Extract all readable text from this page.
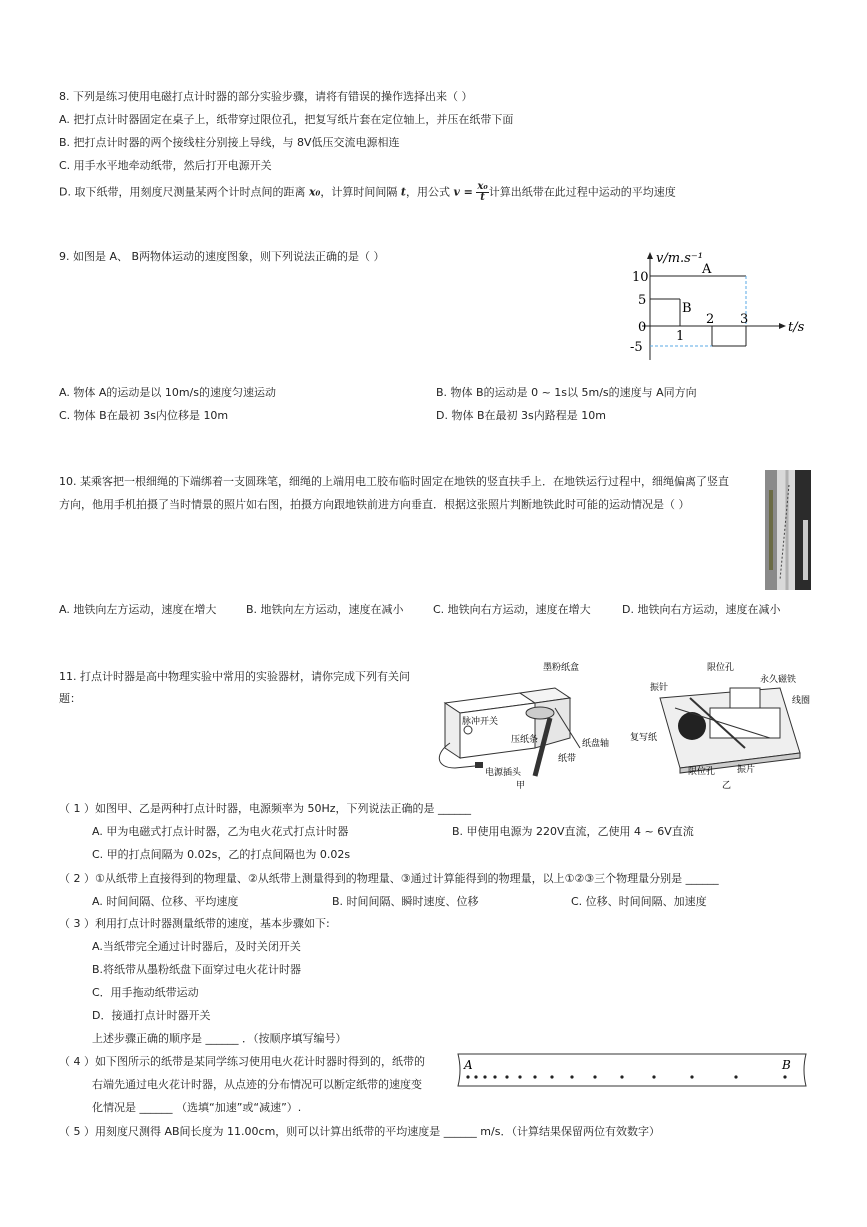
8. 下列是练习使用电磁打点计时器的部分实验步骤，请将有错误的操作选择出来（ ）
A. 把打点计时器固定在桌子上，纸带穿过限位孔，把复写纸片套在定位轴上，并压在纸带下面
B. 把打点计时器的两个接线柱分别接上导线，与 8V低压交流电源相连
C. 用手水平地牵动纸带，然后打开电源开关
D. 取下纸带，用刻度尺测量某两个计时点间的距离 x₀，计算时间间隔 t，用公式 $v = \frac{\text{x₀}}{t}$ 计算出纸带在此过程中运动的平均速度
9. 如图是 A、 B两物体运动的速度图象，则下列说法正确的是（ ）	v/m.s⁻¹
t/s
10
5
0
-5
1
2 3
A
B
A. 物体 A的运动是以 10m/s的速度匀速运动	B. 物体 B的运动是 0 ~ 1s以 5m/s的速度与 A同方向
C. 物体 B在最初 3s内位移是 10m	D. 物体 B在最初 3s内路程是 10m
10. 某乘客把一根细绳的下端绑着一支圆珠笔，细绳的上端用电工胶布临时固定在地铁的竖直扶手上．在地铁运行过程中，细绳偏离了竖直
方向，他用手机拍摄了当时情景的照片如右图，拍摄方向跟地铁前进方向垂直．根据这张照片判断地铁此时可能的运动情况是（ ）
A. 地铁向左方运动，速度在增大	B. 地铁向左方运动，速度在减小	C. 地铁向右方运动，速度在增大	D. 地铁向右方运动，速度在减小
11. 打点计时器是高中物理实验中常用的实验器材，请你完成下列有关问
题：
脉冲开关
墨粉纸盒
压纸条	纸盘轴
纸带
电源插头
甲
限位孔
振针
永久磁铁
线圈
复写纸
限位孔 振片
乙
（ 1 ）如图甲、乙是两种打点计时器，电源频率为 50Hz，下列说法正确的是 ______
A. 甲为电磁式打点计时器，乙为电火花式打点计时器	B. 甲使用电源为 220V直流，乙使用 4 ~ 6V直流
C. 甲的打点间隔为 0.02s，乙的打点间隔也为 0.02s
（ 2 ）①从纸带上直接得到的物理量、②从纸带上测量得到的物理量、③通过计算能得到的物理量，以上①②③三个物理量分别是 ______
A. 时间间隔、位移、平均速度	B. 时间间隔、瞬时速度、位移	C. 位移、时间间隔、加速度
（ 3 ）利用打点计时器测量纸带的速度，基本步骤如下:
A.当纸带完全通过计时器后，及时关闭开关
B.将纸带从墨粉纸盘下面穿过电火花计时器
C．用手拖动纸带运动
D．接通打点计时器开关
上述步骤正确的顺序是 ______ ．（按顺序填写编号）
（ 4 ）如下图所示的纸带是某同学练习使用电火花计时器时得到的，纸带的
右端先通过电火花计时器，从点迹的分布情况可以断定纸带的速度变
化情况是 ______ （选填“加速”或“减速”）.
A	B
（ 5 ）用刻度尺测得 AB间长度为 11.00cm，则可以计算出纸带的平均速度是 ______ m/s．（计算结果保留两位有效数字）
